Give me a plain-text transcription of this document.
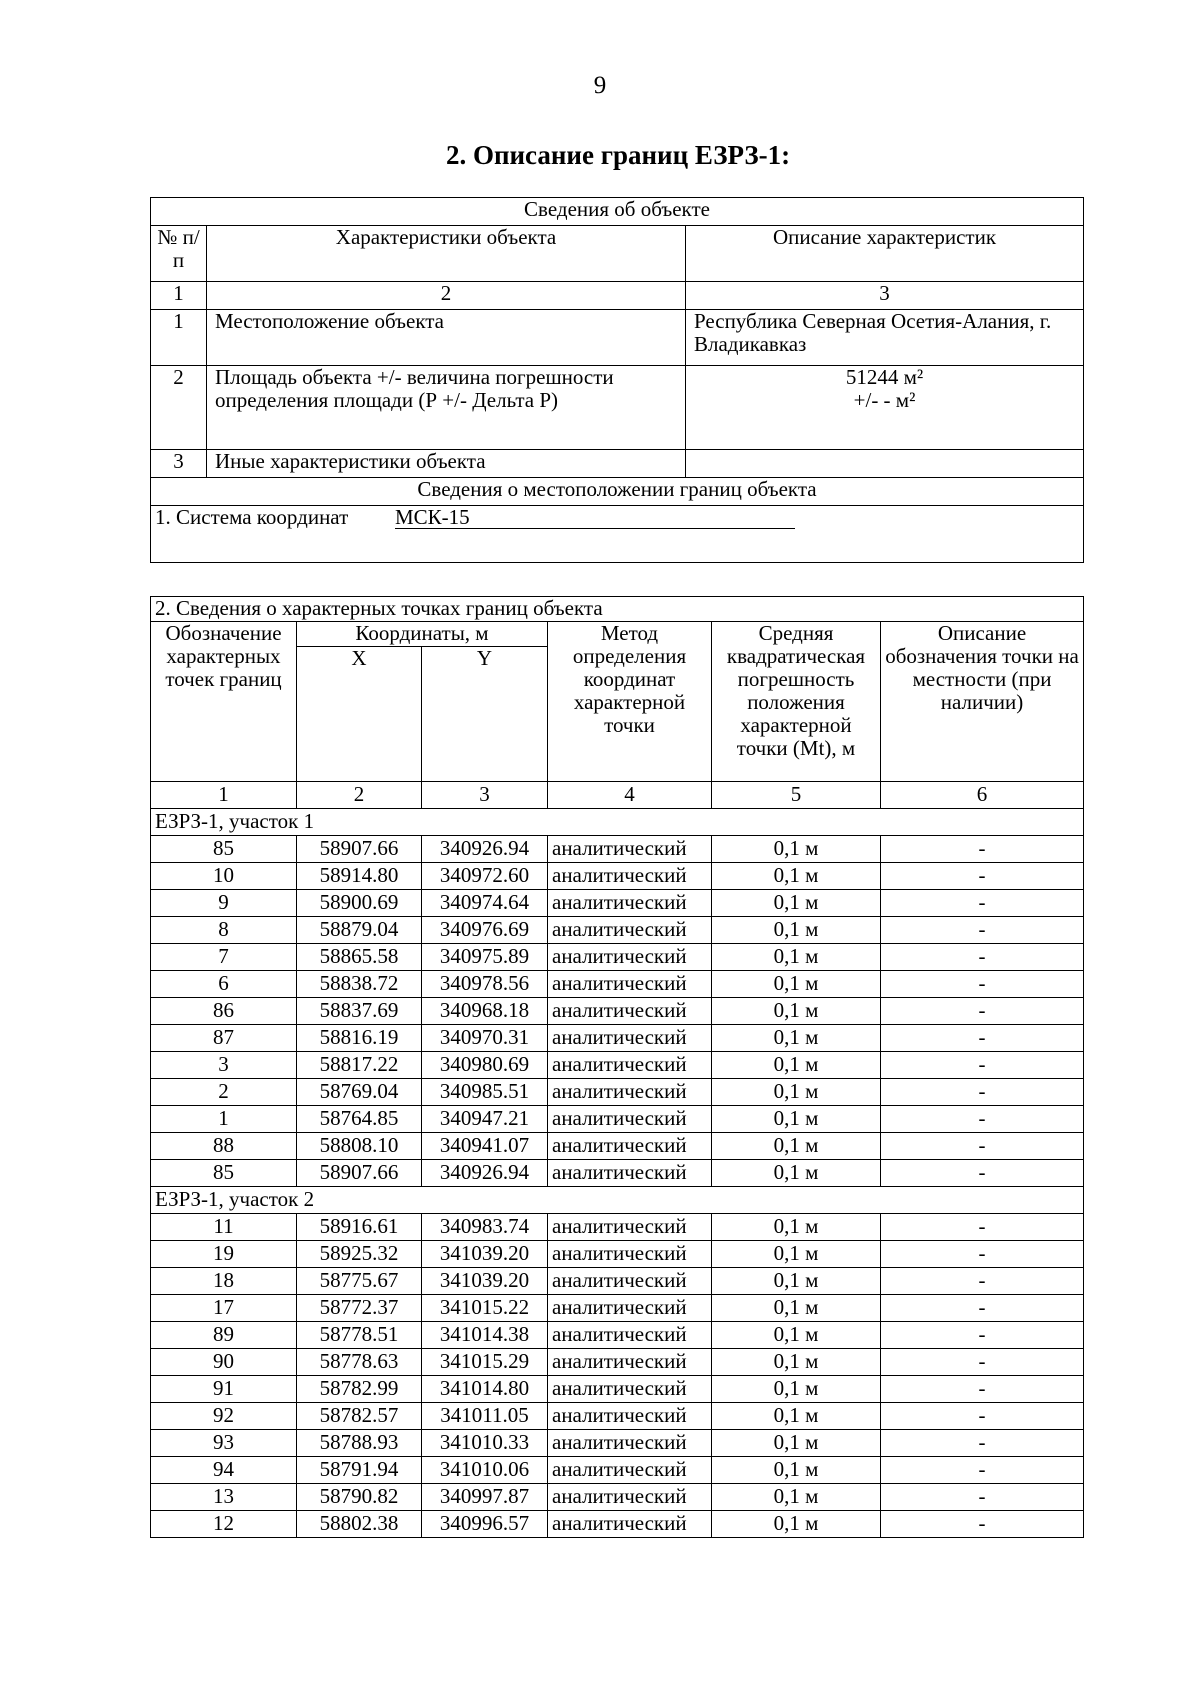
9
2. Описание границ ЕЗРЗ-1:
Сведения об объекте		
№ п/п	Характеристики объекта	Описание характеристик
1	2	3
1	Местоположение объекта	Республика Северная Осетия-Алания, г. Владикавказ
2	Площадь объекта +/- величина погрешности определения площади (Р +/- Дельта Р)	51244 м²
+/- - м²

3	Иные характеристики объекта	
Сведения о местоположении границ объекта		
1. Система координат МСК-15		
2. Сведения о характерных точках границ объекта					
Обозначение характерных точек границ	Координаты, м		Метод определения координат характерной точки	Средняя квадратическая погрешность положения характерной точки (Mt), м	Описание обозначения точки на местности (при наличии)
	X	Y			
1	2	3	4	5	6
ЕЗРЗ-1, участок 1					
85	58907.66	340926.94	аналитический	0,1 м	-
10	58914.80	340972.60	аналитический	0,1 м	-
9	58900.69	340974.64	аналитический	0,1 м	-
8	58879.04	340976.69	аналитический	0,1 м	-
7	58865.58	340975.89	аналитический	0,1 м	-
6	58838.72	340978.56	аналитический	0,1 м	-
86	58837.69	340968.18	аналитический	0,1 м	-
87	58816.19	340970.31	аналитический	0,1 м	-
3	58817.22	340980.69	аналитический	0,1 м	-
2	58769.04	340985.51	аналитический	0,1 м	-
1	58764.85	340947.21	аналитический	0,1 м	-
88	58808.10	340941.07	аналитический	0,1 м	-
85	58907.66	340926.94	аналитический	0,1 м	-
ЕЗРЗ-1, участок 2					
11	58916.61	340983.74	аналитический	0,1 м	-
19	58925.32	341039.20	аналитический	0,1 м	-
18	58775.67	341039.20	аналитический	0,1 м	-
17	58772.37	341015.22	аналитический	0,1 м	-
89	58778.51	341014.38	аналитический	0,1 м	-
90	58778.63	341015.29	аналитический	0,1 м	-
91	58782.99	341014.80	аналитический	0,1 м	-
92	58782.57	341011.05	аналитический	0,1 м	-
93	58788.93	341010.33	аналитический	0,1 м	-
94	58791.94	341010.06	аналитический	0,1 м	-
13	58790.82	340997.87	аналитический	0,1 м	-
12	58802.38	340996.57	аналитический	0,1 м	-
